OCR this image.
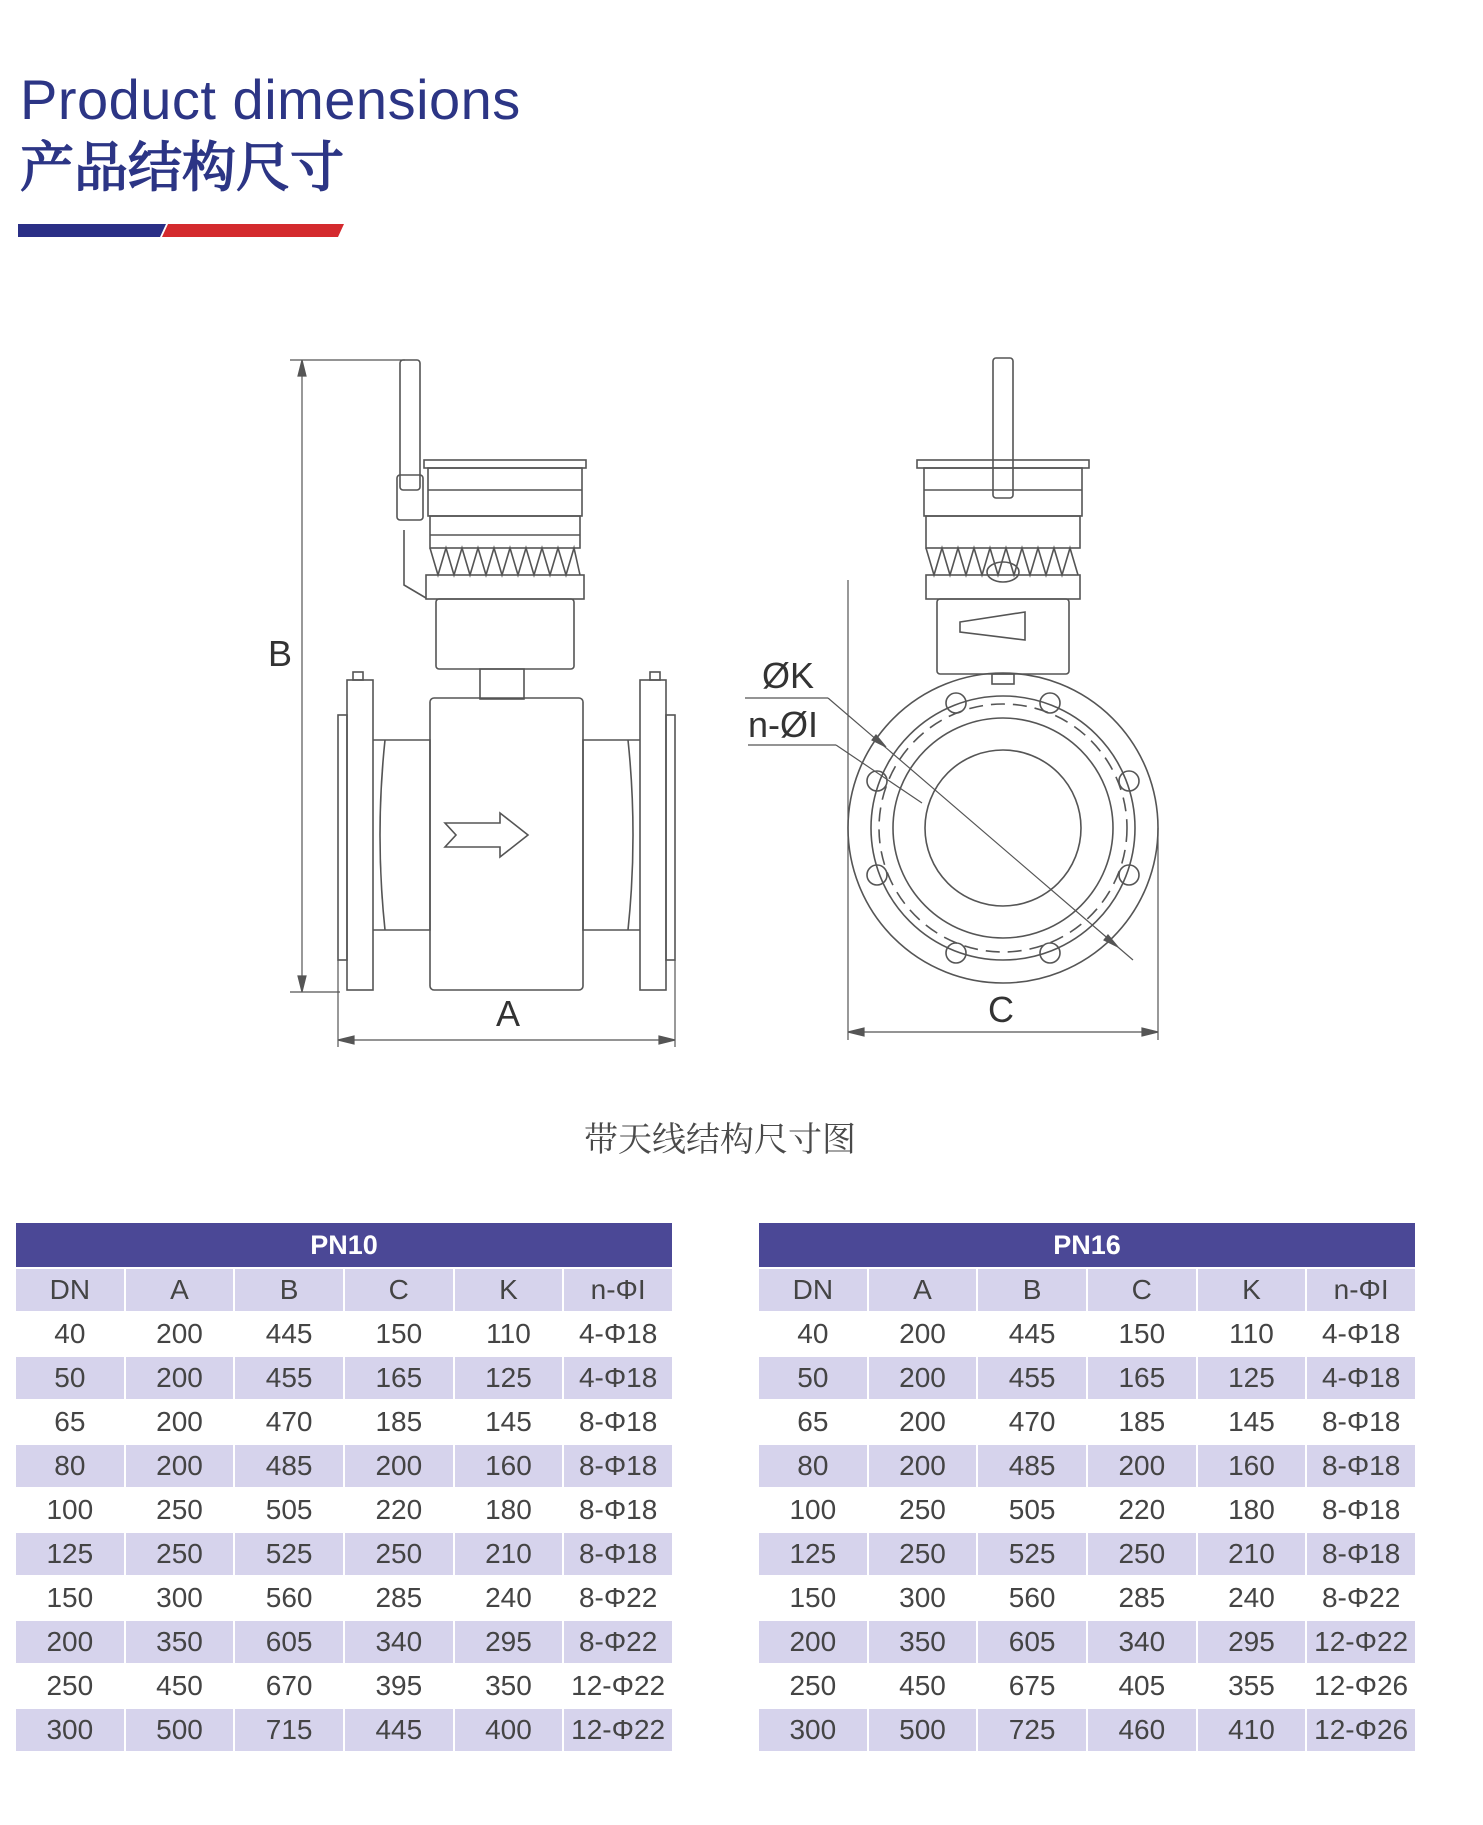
Product dimensions
产品结构尺寸
B
A
ØK
n-ØI
C
带天线结构尺寸图
PN10					
DN	A	B	C	K	n-ΦI
40	200	445	150	110	4-Φ18
50	200	455	165	125	4-Φ18
65	200	470	185	145	8-Φ18
80	200	485	200	160	8-Φ18
100	250	505	220	180	8-Φ18
125	250	525	250	210	8-Φ18
150	300	560	285	240	8-Φ22
200	350	605	340	295	8-Φ22
250	450	670	395	350	12-Φ22
300	500	715	445	400	12-Φ22
PN16					
DN	A	B	C	K	n-ΦI
40	200	445	150	110	4-Φ18
50	200	455	165	125	4-Φ18
65	200	470	185	145	8-Φ18
80	200	485	200	160	8-Φ18
100	250	505	220	180	8-Φ18
125	250	525	250	210	8-Φ18
150	300	560	285	240	8-Φ22
200	350	605	340	295	12-Φ22
250	450	675	405	355	12-Φ26
300	500	725	460	410	12-Φ26
